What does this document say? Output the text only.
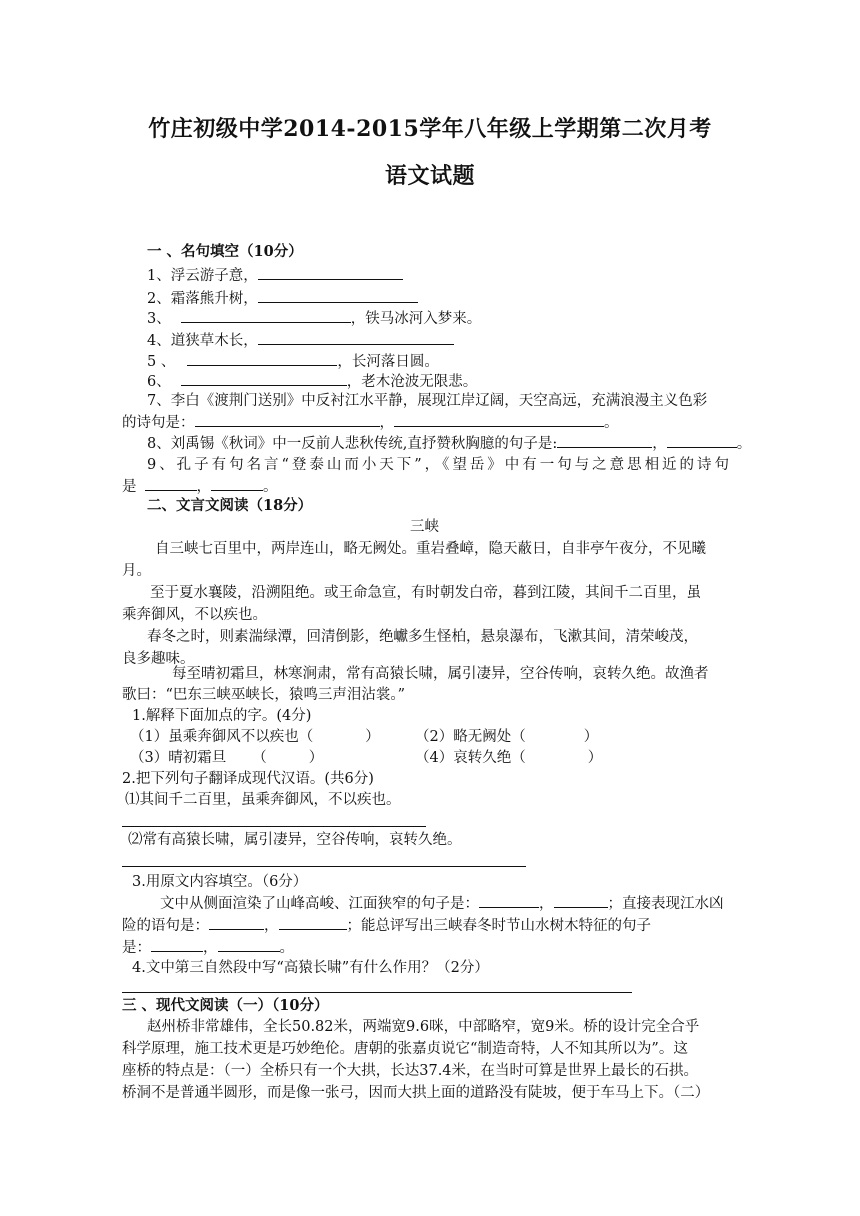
竹庄初级中学2014-2015学年八年级上学期第二次月考
语文试题
一 、名句填空（10分）
1、浮云游子意，
2、霜落熊升树，
3、	，铁马冰河入梦来。
4、道狭草木长，
5 、	，长河落日圆。
6、	，老木沧波无限悲。
7、李白《渡荆门送别》中反衬江水平静，展现江岸辽阔，天空高远，充满浪漫主义色彩
的诗句是：	，	。
8、刘禹锡《秋词》中一反前人悲秋传统,直抒赞秋胸臆的句子是:	，	。
9、孔子有句名言“登泰山而小天下”，《望岳》中有一句与之意思相近的诗句
是	，	。
二、文言文阅读（18分）
三峡
自三峡七百里中，两岸连山，略无阙处。重岩叠嶂，隐天蔽日，自非亭午夜分，不见曦
月。
至于夏水襄陵，沿溯阻绝。或王命急宣，有时朝发白帝，暮到江陵，其间千二百里，虽
乘奔御风，不以疾也。
春冬之时，则素湍绿潭，回清倒影，绝巘多生怪柏，悬泉瀑布，飞漱其间，清荣峻茂，
良多趣味。
每至晴初霜旦，林寒涧肃，常有高猿长啸，属引凄异，空谷传响，哀转久绝。故渔者
歌曰：“巴东三峡巫峡长，猿鸣三声泪沾裳。”
1.解释下面加点的字。(4分)
（1）虽乘奔御风不以疾也（	） （2）略无阙处（	）
（3）晴初霜旦 （	）	（4）哀转久绝（	）
2.把下列句子翻译成现代汉语。(共6分)
⑴其间千二百里，虽乘奔御风，不以疾也。
⑵常有高猿长啸，属引凄异，空谷传响，哀转久绝。
3.用原文内容填空。（6分）
文中从侧面渲染了山峰高峻、江面狭窄的句子是：	，	；直接表现江水凶
险的语句是：	，	；能总评写出三峡春冬时节山水树木特征的句子
是：	，	。
4.文中第三自然段中写“高猿长啸”有什么作用？（2分）
三 、现代文阅读（一）（10分）
赵州桥非常雄伟，全长50.82米，两端宽9.6咪，中部略窄，宽9米。桥的设计完全合乎
科学原理，施工技术更是巧妙绝伦。唐朝的张嘉贞说它“制造奇特，人不知其所以为”。这
座桥的特点是：（一）全桥只有一个大拱，长达37.4米，在当时可算是世界上最长的石拱。
桥洞不是普通半圆形，而是像一张弓，因而大拱上面的道路没有陡坡，便于车马上下。（二）
